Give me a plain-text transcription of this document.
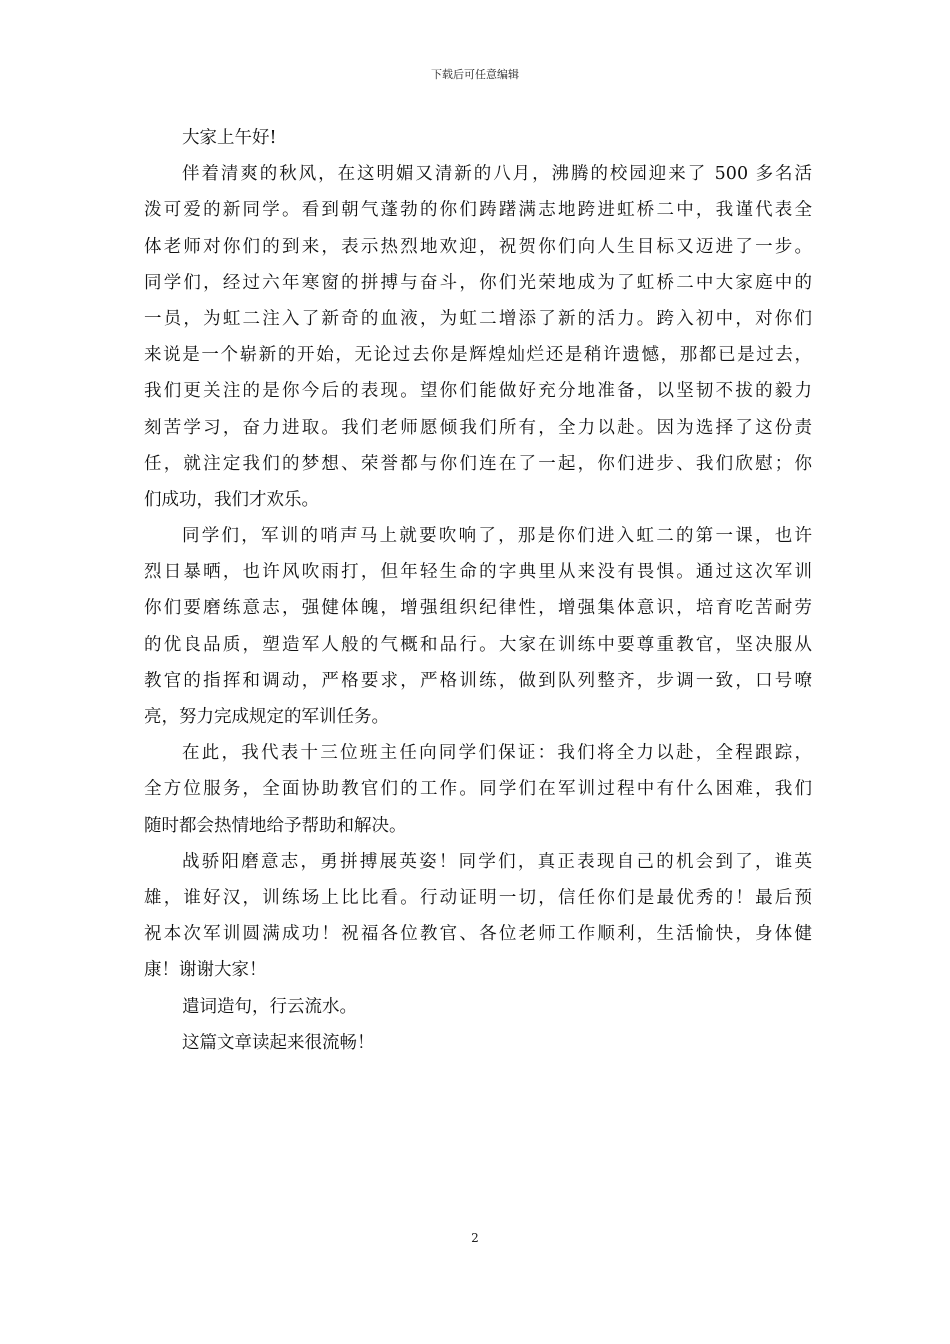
下载后可任意编辑
大家上午好!
伴着清爽的秋风，在这明媚又清新的八月，沸腾的校园迎来了 500 多名活
泼可爱的新同学。看到朝气蓬勃的你们踌躇满志地跨进虹桥二中，我谨代表全
体老师对你们的到来，表示热烈地欢迎，祝贺你们向人生目标又迈进了一步。
同学们，经过六年寒窗的拼搏与奋斗，你们光荣地成为了虹桥二中大家庭中的
一员，为虹二注入了新奇的血液，为虹二增添了新的活力。跨入初中，对你们
来说是一个崭新的开始，无论过去你是辉煌灿烂还是稍许遗憾，那都已是过去，
我们更关注的是你今后的表现。望你们能做好充分地准备，以坚韧不拔的毅力
刻苦学习，奋力进取。我们老师愿倾我们所有，全力以赴。因为选择了这份责
任，就注定我们的梦想、荣誉都与你们连在了一起，你们进步、我们欣慰；你
们成功，我们才欢乐。
同学们，军训的哨声马上就要吹响了，那是你们进入虹二的第一课，也许
烈日暴晒，也许风吹雨打，但年轻生命的字典里从来没有畏惧。通过这次军训
你们要磨练意志，强健体魄，增强组织纪律性，增强集体意识，培育吃苦耐劳
的优良品质，塑造军人般的气概和品行。大家在训练中要尊重教官，坚决服从
教官的指挥和调动，严格要求，严格训练，做到队列整齐，步调一致，口号嘹
亮，努力完成规定的军训任务。
在此，我代表十三位班主任向同学们保证：我们将全力以赴，全程跟踪，
全方位服务，全面协助教官们的工作。同学们在军训过程中有什么困难，我们
随时都会热情地给予帮助和解决。
战骄阳磨意志，勇拼搏展英姿！同学们，真正表现自己的机会到了，谁英
雄，谁好汉，训练场上比比看。行动证明一切，信任你们是最优秀的！最后预
祝本次军训圆满成功！祝福各位教官、各位老师工作顺利，生活愉快，身体健
康！谢谢大家！
遣词造句，行云流水。
这篇文章读起来很流畅！
2
